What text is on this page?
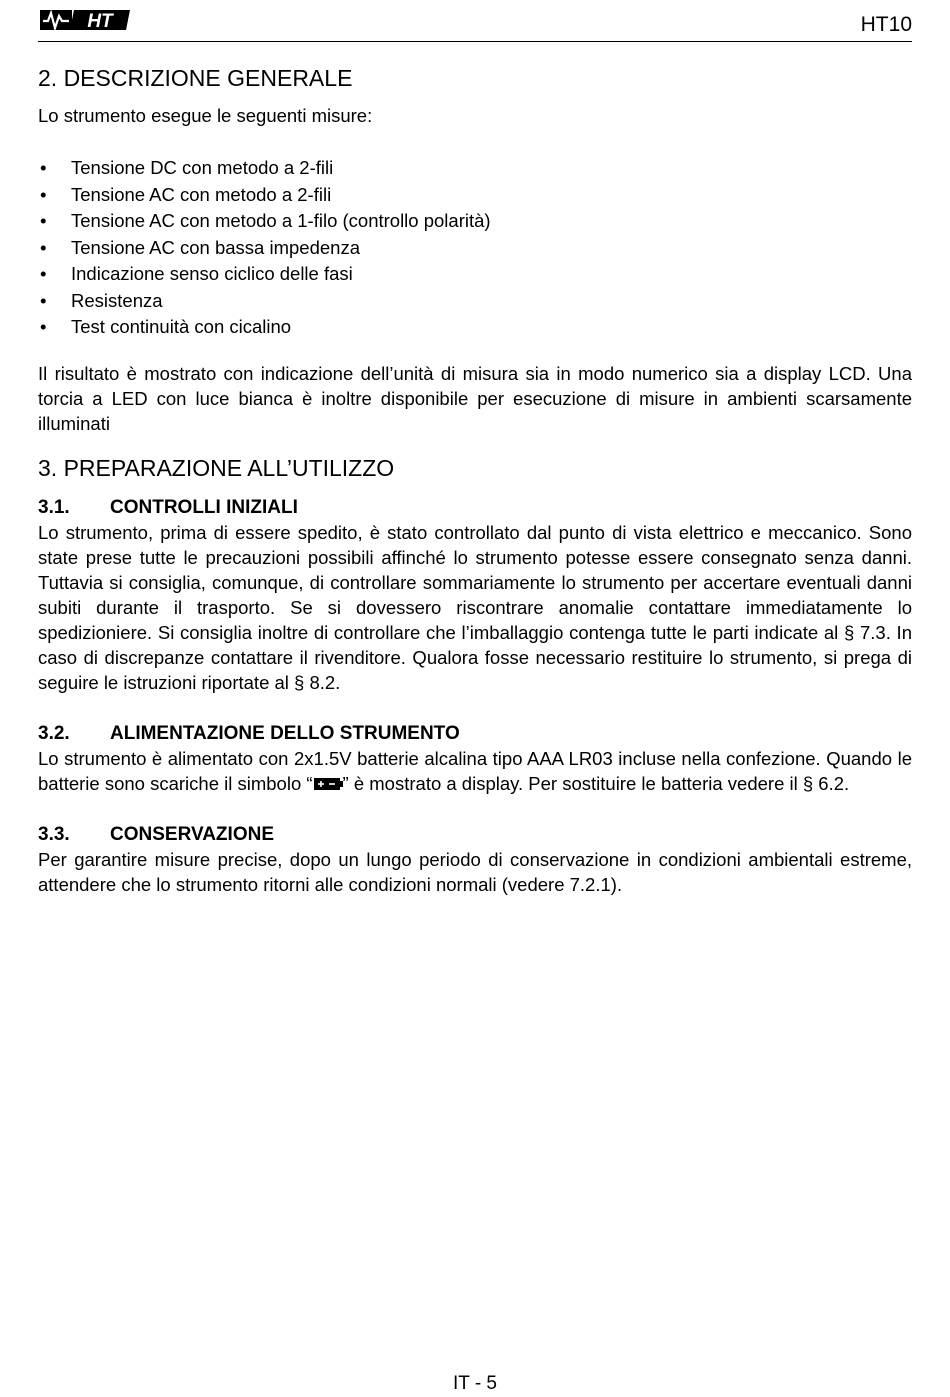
HT	HT10
2. DESCRIZIONE GENERALE

Lo strumento esegue le seguenti misure:

• Tensione DC con metodo a 2-fili
• Tensione AC con metodo a 2-fili
• Tensione AC con metodo a 1-filo (controllo polarità)
• Tensione AC con bassa impedenza
• Indicazione senso ciclico delle fasi
• Resistenza
• Test continuità con cicalino

Il risultato è mostrato con indicazione dell’unità di misura sia in modo numerico sia a display LCD. Una torcia a LED con luce bianca è inoltre disponibile per esecuzione di misure in ambienti scarsamente illuminati

3. PREPARAZIONE ALL’UTILIZZO
3.1. CONTROLLI INIZIALI

Lo strumento, prima di essere spedito, è stato controllato dal punto di vista elettrico e meccanico. Sono state prese tutte le precauzioni possibili affinché lo strumento potesse essere consegnato senza danni. Tuttavia si consiglia, comunque, di controllare sommariamente lo strumento per accertare eventuali danni subiti durante il trasporto. Se si dovessero riscontrare anomalie contattare immediatamente lo spedizioniere. Si consiglia inoltre di controllare che l’imballaggio contenga tutte le parti indicate al § 7.3. In caso di discrepanze contattare il rivenditore. Qualora fosse necessario restituire lo strumento, si prega di seguire le istruzioni riportate al § 8.2.

3.2. ALIMENTAZIONE DELLO STRUMENTO

Lo strumento è alimentato con 2x1.5V batterie alcalina tipo AAA LR03 incluse nella confezione. Quando le batterie sono scariche il simbolo “ ” è mostrato a display. Per sostituire le batteria vedere il § 6.2.

3.3. CONSERVAZIONE

Per garantire misure precise, dopo un lungo periodo di conservazione in condizioni ambientali estreme, attendere che lo strumento ritorni alle condizioni normali (vedere 7.2.1).

IT - 5
